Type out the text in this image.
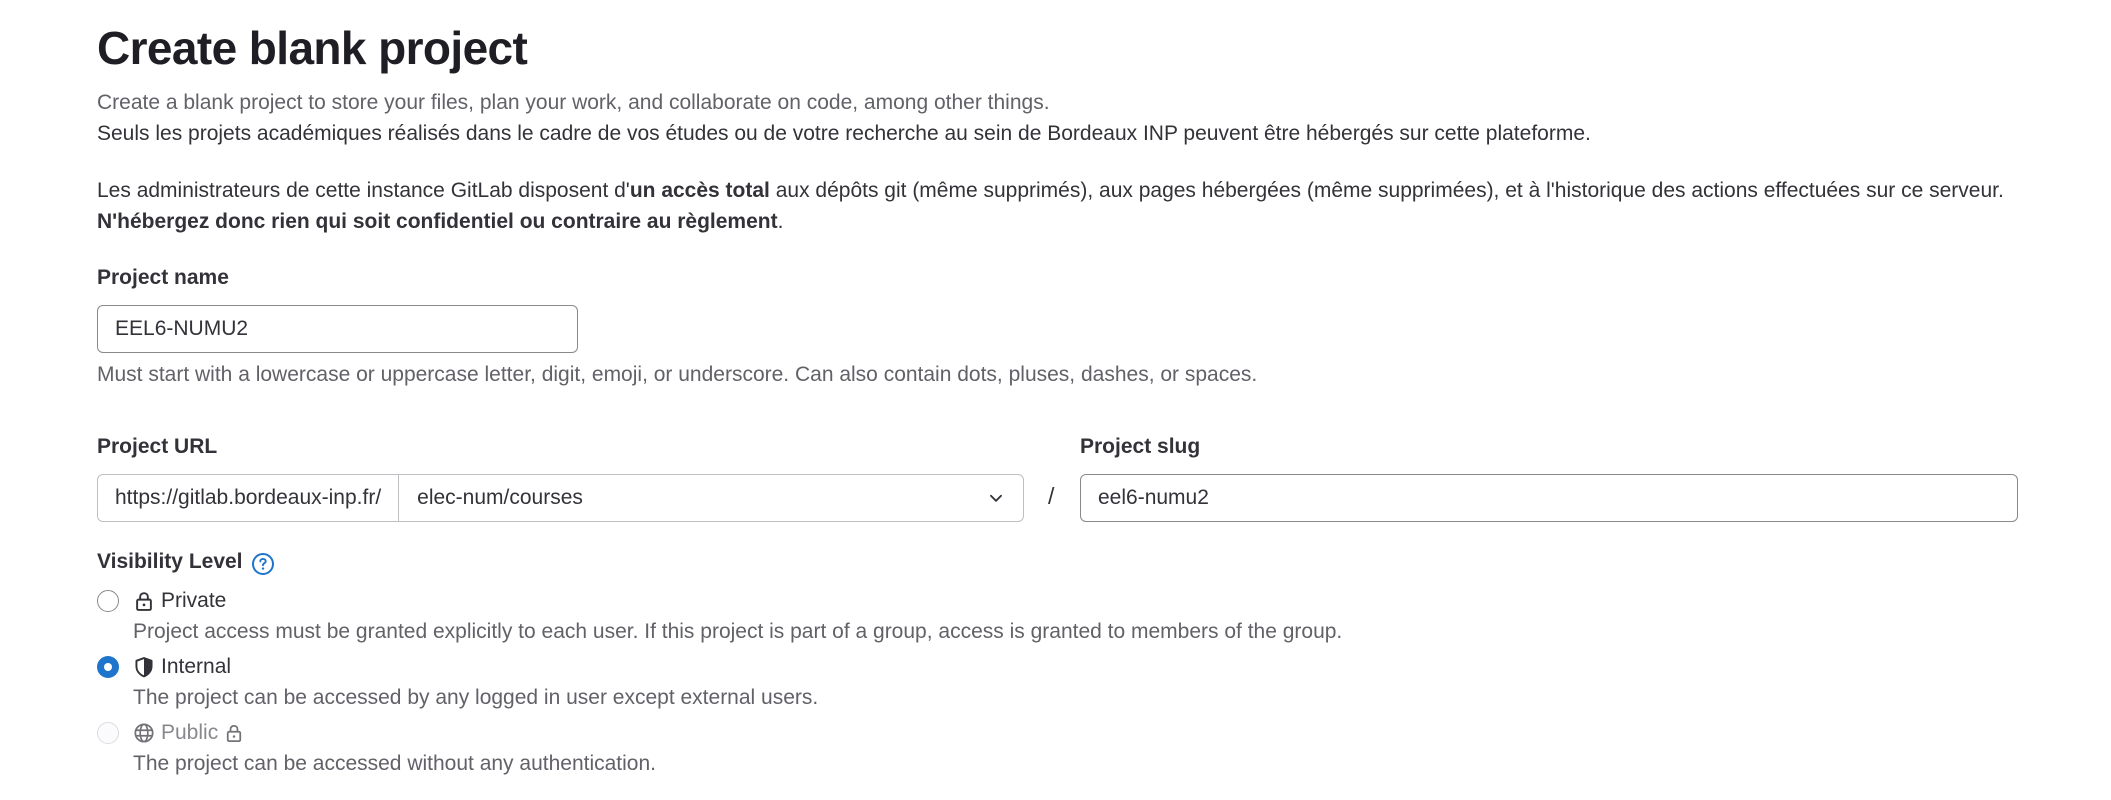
Create blank project
Create a blank project to store your files, plan your work, and collaborate on code, among other things.
Seuls les projets académiques réalisés dans le cadre de vos études ou de votre recherche au sein de Bordeaux INP peuvent être hébergés sur cette plateforme.
Les administrateurs de cette instance GitLab disposent d'un accès total aux dépôts git (même supprimés), aux pages hébergées (même supprimées), et à l'historique des actions effectuées sur ce serveur. N'hébergez donc rien qui soit confidentiel ou contraire au règlement.
Project name
EEL6-NUMU2
Must start with a lowercase or uppercase letter, digit, emoji, or underscore. Can also contain dots, pluses, dashes, or spaces.
Project URL
https://gitlab.bordeaux-inp.fr/	elec-num/courses	/
Project slug
eel6-numu2
Visibility Level
Private
Project access must be granted explicitly to each user. If this project is part of a group, access is granted to members of the group.
Internal
The project can be accessed by any logged in user except external users.
Public
The project can be accessed without any authentication.
